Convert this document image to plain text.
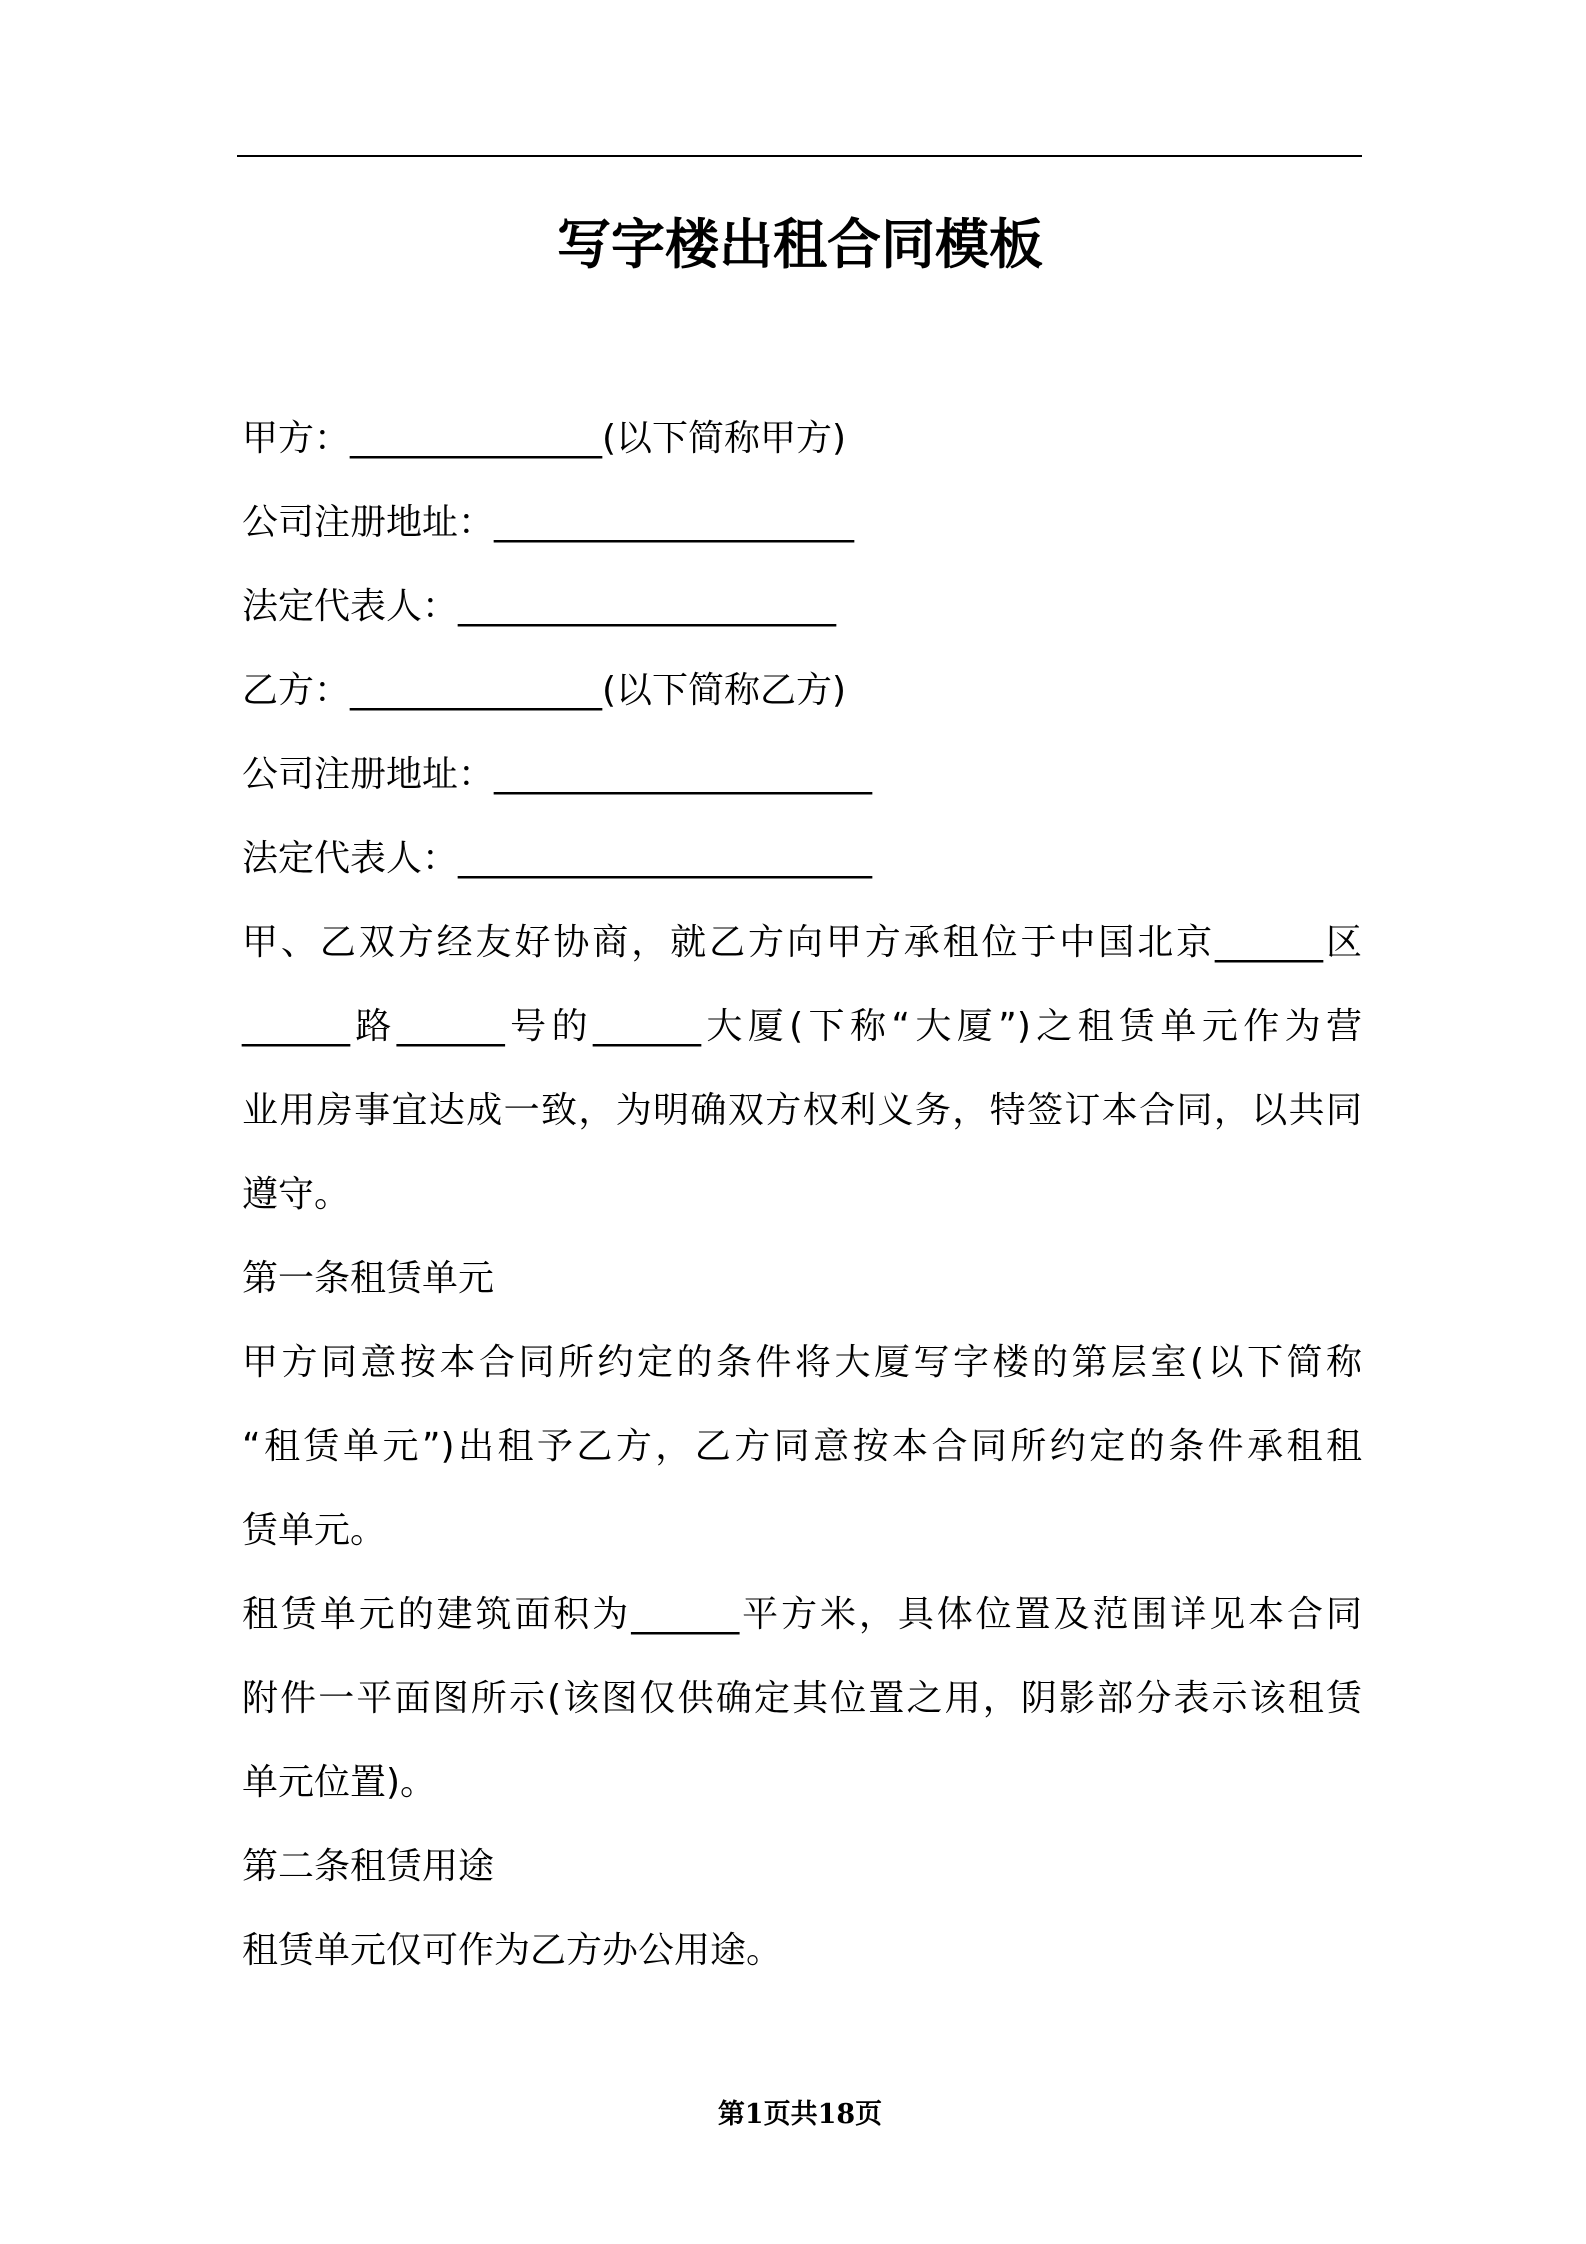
写字楼出租合同模板

甲方：______________(以下简称甲方)

公司注册地址：____________________

法定代表人：_____________________

乙方：______________(以下简称乙方)

公司注册地址：_____________________

法定代表人：_______________________

甲、乙双方经友好协商，就乙方向甲方承租位于中国北京______区

______路______号的______大厦(下称“大厦”)之租赁单元作为营

业用房事宜达成一致，为明确双方权利义务，特签订本合同，以共同

遵守。

第一条租赁单元

甲方同意按本合同所约定的条件将大厦写字楼的第层室(以下简称

“租赁单元”)出租予乙方，乙方同意按本合同所约定的条件承租租

赁单元。

租赁单元的建筑面积为______平方米，具体位置及范围详见本合同

附件一平面图所示(该图仅供确定其位置之用，阴影部分表示该租赁

单元位置)。

第二条租赁用途

租赁单元仅可作为乙方办公用途。

第1页共18页
